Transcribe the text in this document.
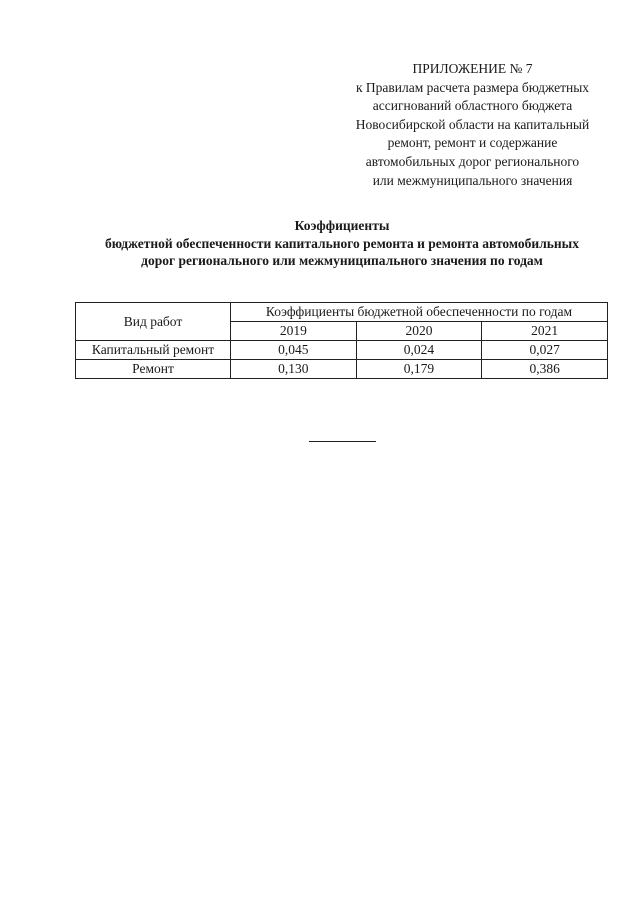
ПРИЛОЖЕНИЕ № 7
к Правилам расчета размера бюджетных
ассигнований областного бюджета
Новосибирской области на капитальный
ремонт, ремонт и содержание
автомобильных дорог регионального
или межмуниципального значения
Коэффициенты
бюджетной обеспеченности капитального ремонта и ремонта автомобильных
дорог регионального или межмуниципального значения по годам
Вид работ	Коэффициенты бюджетной обеспеченности по годам		
	2019	2020	2021
Капитальный ремонт	0,045	0,024	0,027
Ремонт	0,130	0,179	0,386
